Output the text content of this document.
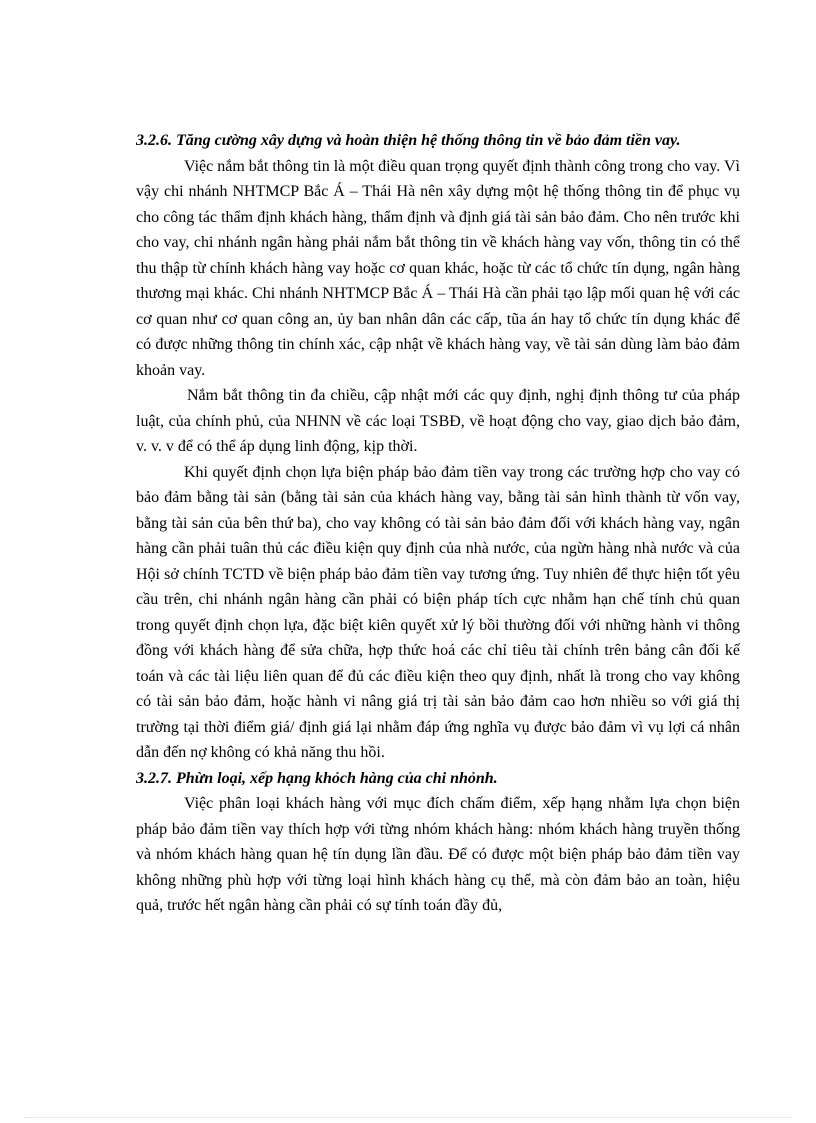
3.2.6. Tăng cường xây dựng và hoàn thiện hệ thống thông tin về bảo đảm tiền vay.

Việc nắm bắt thông tin là một điều quan trọng quyết định thành công trong cho vay. Vì vậy chi nhánh NHTMCP Bắc Á – Thái Hà nên xây dựng một hệ thống thông tin để phục vụ cho công tác thẩm định khách hàng, thẩm định và định giá tài sản bảo đảm. Cho nên trước khi cho vay, chi nhánh ngân hàng phải nắm bắt thông tin về khách hàng vay vốn, thông tin có thể thu thập từ chính khách hàng vay hoặc cơ quan khác, hoặc từ các tổ chức tín dụng, ngân hàng thương mại khác. Chi nhánh NHTMCP Bắc Á – Thái Hà cần phải tạo lập mối quan hệ với các cơ quan như cơ quan công an, ủy ban nhân dân các cấp, tũa án hay tổ chức tín dụng khác để có được những thông tin chính xác, cập nhật về khách hàng vay, về tài sản dùng làm bảo đảm khoản vay.

Nắm bắt thông tin đa chiều, cập nhật mới các quy định, nghị định thông tư của pháp luật, của chính phủ, của NHNN về các loại TSBĐ, về hoạt động cho vay, giao dịch bảo đảm, v. v. v để có thể áp dụng linh động, kịp thời.

Khi quyết định chọn lựa biện pháp bảo đảm tiền vay trong các trường hợp cho vay có bảo đảm bằng tài sản (bằng tài sản của khách hàng vay, bằng tài sản hình thành từ vốn vay, bằng tài sản của bên thứ ba), cho vay không có tài sản bảo đảm đối với khách hàng vay, ngân hàng cần phải tuân thủ các điều kiện quy định của nhà nước, của ngừn hàng nhà nước và của Hội sở chính TCTD về biện pháp bảo đảm tiền vay tương ứng. Tuy nhiên để thực hiện tốt yêu cầu trên, chi nhánh ngân hàng cần phải có biện pháp tích cực nhằm hạn chế tính chủ quan trong quyết định chọn lựa, đặc biệt kiên quyết xử lý bồi thường đối với những hành vi thông đồng với khách hàng để sửa chữa, hợp thức hoá các chỉ tiêu tài chính trên bảng cân đối kế toán và các tài liệu liên quan để đủ các điều kiện theo quy định, nhất là trong cho vay không có tài sản bảo đảm, hoặc hành vi nâng giá trị tài sản bảo đảm cao hơn nhiều so với giá thị trường tại thời điểm giá/ định giá lại nhằm đáp ứng nghĩa vụ được bảo đảm vì vụ lợi cá nhân dẫn đến nợ không có khả năng thu hồi.

3.2.7. Phừn loại, xếp hạng khỏch hàng của chi nhỏnh.

Việc phân loại khách hàng với mục đích chấm điểm, xếp hạng nhằm lựa chọn biện pháp bảo đảm tiền vay thích hợp với từng nhóm khách hàng: nhóm khách hàng truyền thống và nhóm khách hàng quan hệ tín dụng lần đầu. Để có được một biện pháp bảo đảm tiền vay không những phù hợp với từng loại hình khách hàng cụ thể, mà còn đảm bảo an toàn, hiệu quả, trước hết ngân hàng cần phải có sự tính toán đầy đủ,
